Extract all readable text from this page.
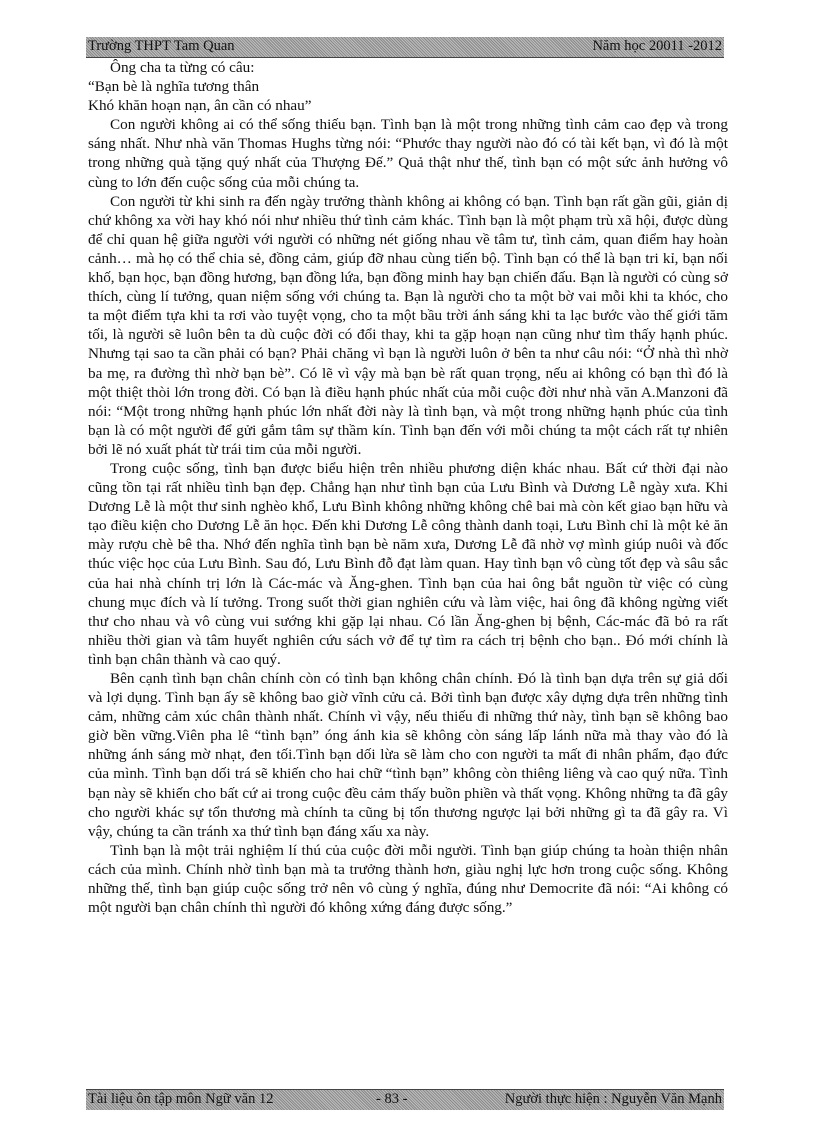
Trường THPT Tam Quan	Năm học 20011 -2012

Ông cha ta từng có câu:

“Bạn bè là nghĩa tương thân

Khó khăn hoạn nạn, ân cần có nhau”

Con người không ai có thể sống thiếu bạn. Tình bạn là một trong những tình cảm cao đẹp và trong sáng nhất. Như nhà văn Thomas Hughs từng nói: “Phước thay người nào đó có tài kết bạn, vì đó là một trong những quà tặng quý nhất của Thượng Đế.” Quả thật như thế, tình bạn có một sức ảnh hưởng vô cùng to lớn đến cuộc sống của mỗi chúng ta.

Con người từ khi sinh ra đến ngày trưởng thành không ai không có bạn. Tình bạn rất gần gũi, giản dị chứ không xa vời hay khó nói như nhiều thứ tình cảm khác. Tình bạn là một phạm trù xã hội, được dùng để chỉ quan hệ giữa người với người có những nét giống nhau về tâm tư, tình cảm, quan điểm hay hoàn cảnh… mà họ có thể chia sẻ, đồng cảm, giúp đỡ nhau cùng tiến bộ. Tình bạn có thể là bạn tri kỉ, bạn nối khố, bạn học, bạn đồng hương, bạn đồng lứa, bạn đồng minh hay bạn chiến đấu. Bạn là người có cùng sở thích, cùng lí tưởng, quan niệm sống với chúng ta. Bạn là người cho ta một bờ vai mỗi khi ta khóc, cho ta một điểm tựa khi ta rơi vào tuyệt vọng, cho ta một bầu trời ánh sáng khi ta lạc bước vào thế giới tăm tối, là người sẽ luôn bên ta dù cuộc đời có đổi thay, khi ta gặp hoạn nạn cũng như tìm thấy hạnh phúc. Nhưng tại sao ta cần phải có bạn? Phải chăng vì bạn là người luôn ở bên ta như câu nói: “Ở nhà thì nhờ ba mẹ, ra đường thì nhờ bạn bè”. Có lẽ vì vậy mà bạn bè rất quan trọng, nếu ai không có bạn thì đó là một thiệt thòi lớn trong đời. Có bạn là điều hạnh phúc nhất của mỗi cuộc đời như nhà văn A.Manzoni đã nói: “Một trong những hạnh phúc lớn nhất đời này là tình bạn, và một trong những hạnh phúc của tình bạn là có một người để gửi gắm tâm sự thầm kín. Tình bạn đến với mỗi chúng ta một cách rất tự nhiên bởi lẽ nó xuất phát từ trái tim của mỗi người.

Trong cuộc sống, tình bạn được biểu hiện trên nhiều phương diện khác nhau. Bất cứ thời đại nào cũng tồn tại rất nhiều tình bạn đẹp. Chẳng hạn như tình bạn của Lưu Bình và Dương Lễ ngày xưa. Khi Dương Lễ là một thư sinh nghèo khổ, Lưu Bình không những không chê bai mà còn kết giao bạn hữu và tạo điều kiện cho Dương Lễ ăn học. Đến khi Dương Lễ công thành danh toại, Lưu Bình chỉ là một kẻ ăn mày rượu chè bê tha. Nhớ đến nghĩa tình bạn bè năm xưa, Dương Lễ đã nhờ vợ mình giúp nuôi và đốc thúc việc học của Lưu Bình. Sau đó, Lưu Bình đỗ đạt làm quan. Hay tình bạn vô cùng tốt đẹp và sâu sắc của hai nhà chính trị lớn là Các-mác và Ăng-ghen. Tình bạn của hai ông bắt nguồn từ việc có cùng chung mục đích và lí tưởng. Trong suốt thời gian nghiên cứu và làm việc, hai ông đã không ngừng viết thư cho nhau và vô cùng vui sướng khi gặp lại nhau. Có lần Ăng-ghen bị bệnh, Các-mác đã bỏ ra rất nhiều thời gian và tâm huyết nghiên cứu sách vở để tự tìm ra cách trị bệnh cho bạn.. Đó mới chính là tình bạn chân thành và cao quý.

Bên cạnh tình bạn chân chính còn có tình bạn không chân chính. Đó là tình bạn dựa trên sự giả dối và lợi dụng. Tình bạn ấy sẽ không bao giờ vĩnh cửu cả. Bởi tình bạn được xây dựng dựa trên những tình cảm, những cảm xúc chân thành nhất. Chính vì vậy, nếu thiếu đi những thứ này, tình bạn sẽ không bao giờ bền vững.Viên pha lê “tình bạn” óng ánh kia sẽ không còn sáng lấp lánh nữa mà thay vào đó là những ánh sáng mờ nhạt, đen tối.Tình bạn dối lừa sẽ làm cho con người ta mất đi nhân phẩm, đạo đức của mình. Tình bạn dối trá sẽ khiến cho hai chữ “tình bạn” không còn thiêng liêng và cao quý nữa. Tình bạn này sẽ khiến cho bất cứ ai trong cuộc đều cảm thấy buồn phiền và thất vọng. Không những ta đã gây cho người khác sự tổn thương mà chính ta cũng bị tổn thương ngược lại bởi những gì ta đã gây ra. Vì vậy, chúng ta cần tránh xa thứ tình bạn đáng xấu xa này.

Tình bạn là một trải nghiệm lí thú của cuộc đời mỗi người. Tình bạn giúp chúng ta hoàn thiện nhân cách của mình. Chính nhờ tình bạn mà ta trưởng thành hơn, giàu nghị lực hơn trong cuộc sống. Không những thế, tình bạn giúp cuộc sống trở nên vô cùng ý nghĩa, đúng như Democrite đã nói: “Ai không có một người bạn chân chính thì người đó không xứng đáng được sống.”

Tài liệu ôn tập môn Ngữ văn 12	- 83 -	Người thực hiện : Nguyễn Văn Mạnh
